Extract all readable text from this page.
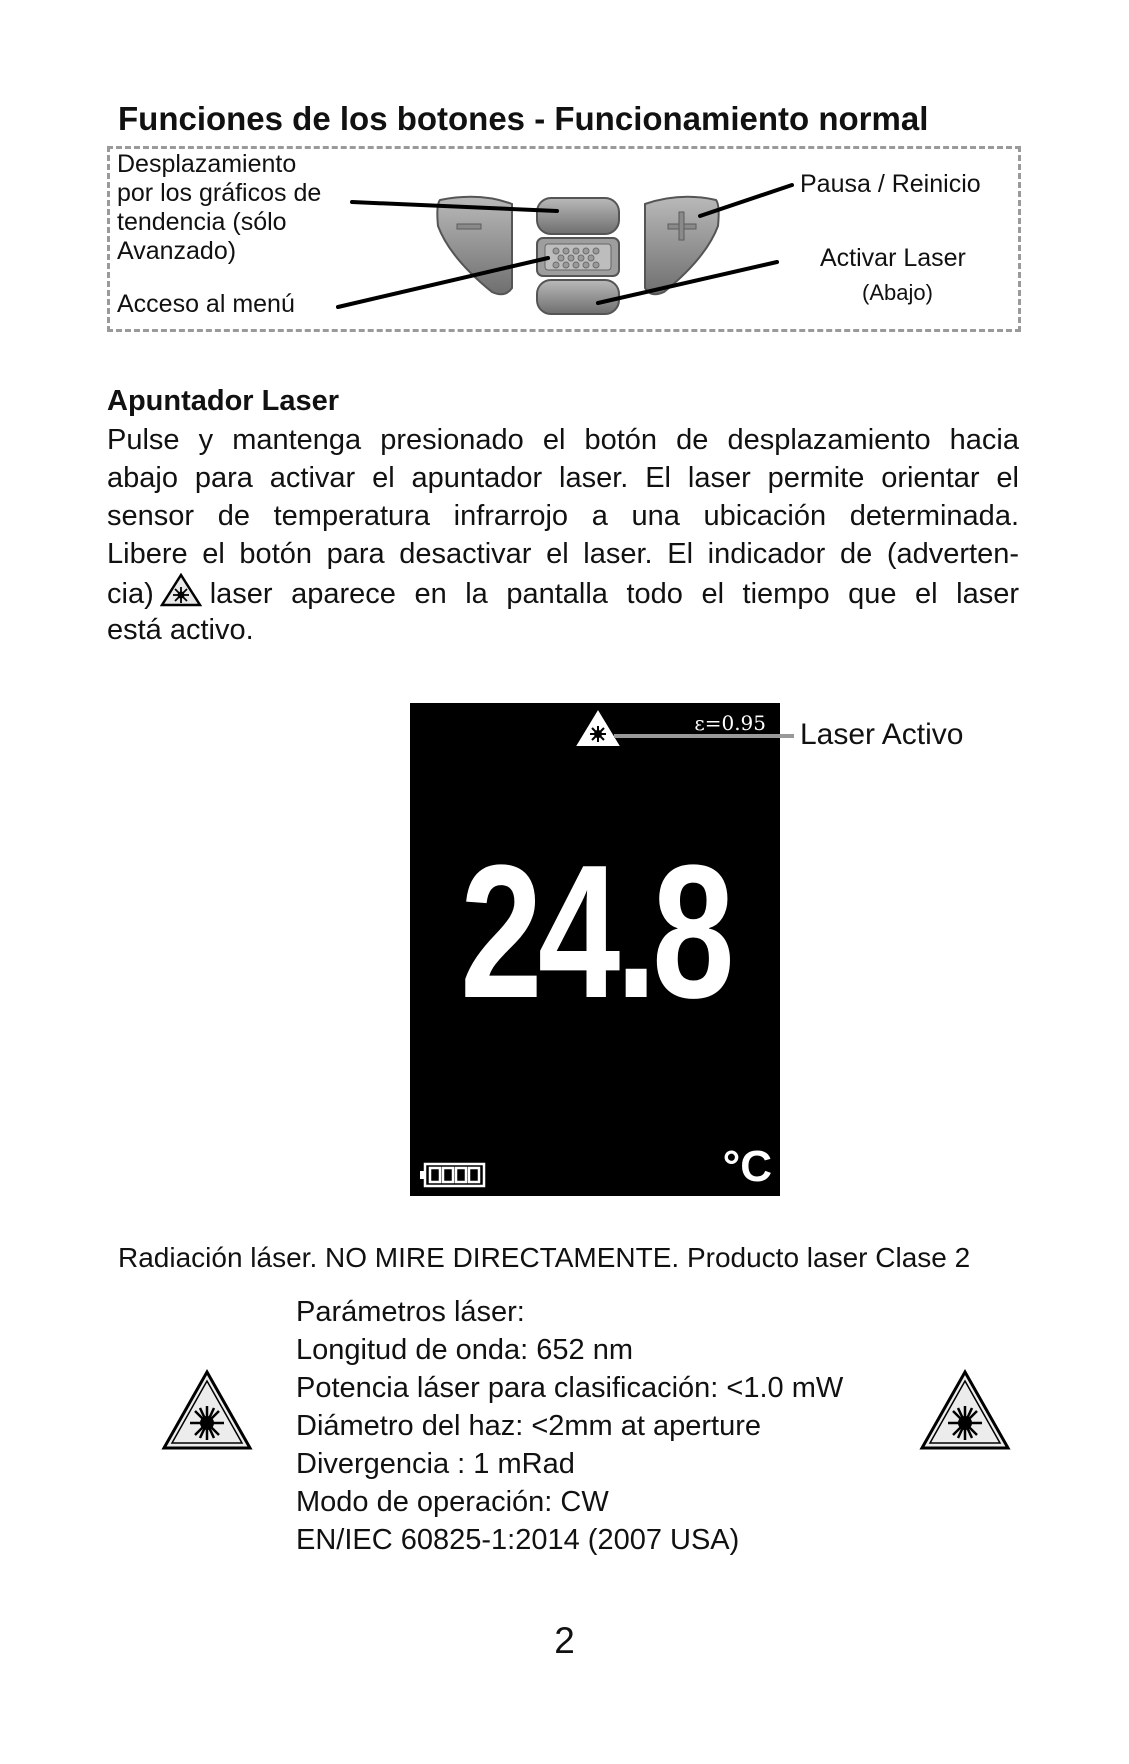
Funciones de los botones - Funcionamiento normal
Desplazamiento
por los gráficos de
tendencia (sólo
Avanzado)
Acceso al menú
Pausa / Reinicio
Activar Laser
(Abajo)
Apuntador Laser
Pulse y mantenga presionado el botón de desplazamiento hacia
abajo para activar el apuntador laser. El laser permite orientar el
sensor de temperatura infrarrojo a una ubicación determinada.
Libere el botón para desactivar el laser. El indicador de (adverten-
cia) laser aparece en la pantalla todo el tiempo que el laser
está activo.
ε=0.95
24.8
°C
Laser Activo
Radiación láser. NO MIRE DIRECTAMENTE. Producto laser Clase 2
Parámetros láser:
Longitud de onda: 652 nm
Potencia láser para clasificación: <1.0 mW
Diámetro del haz: <2mm at aperture
Divergencia : 1 mRad
Modo de operación: CW
EN/IEC 60825-1:2014 (2007 USA)
2
